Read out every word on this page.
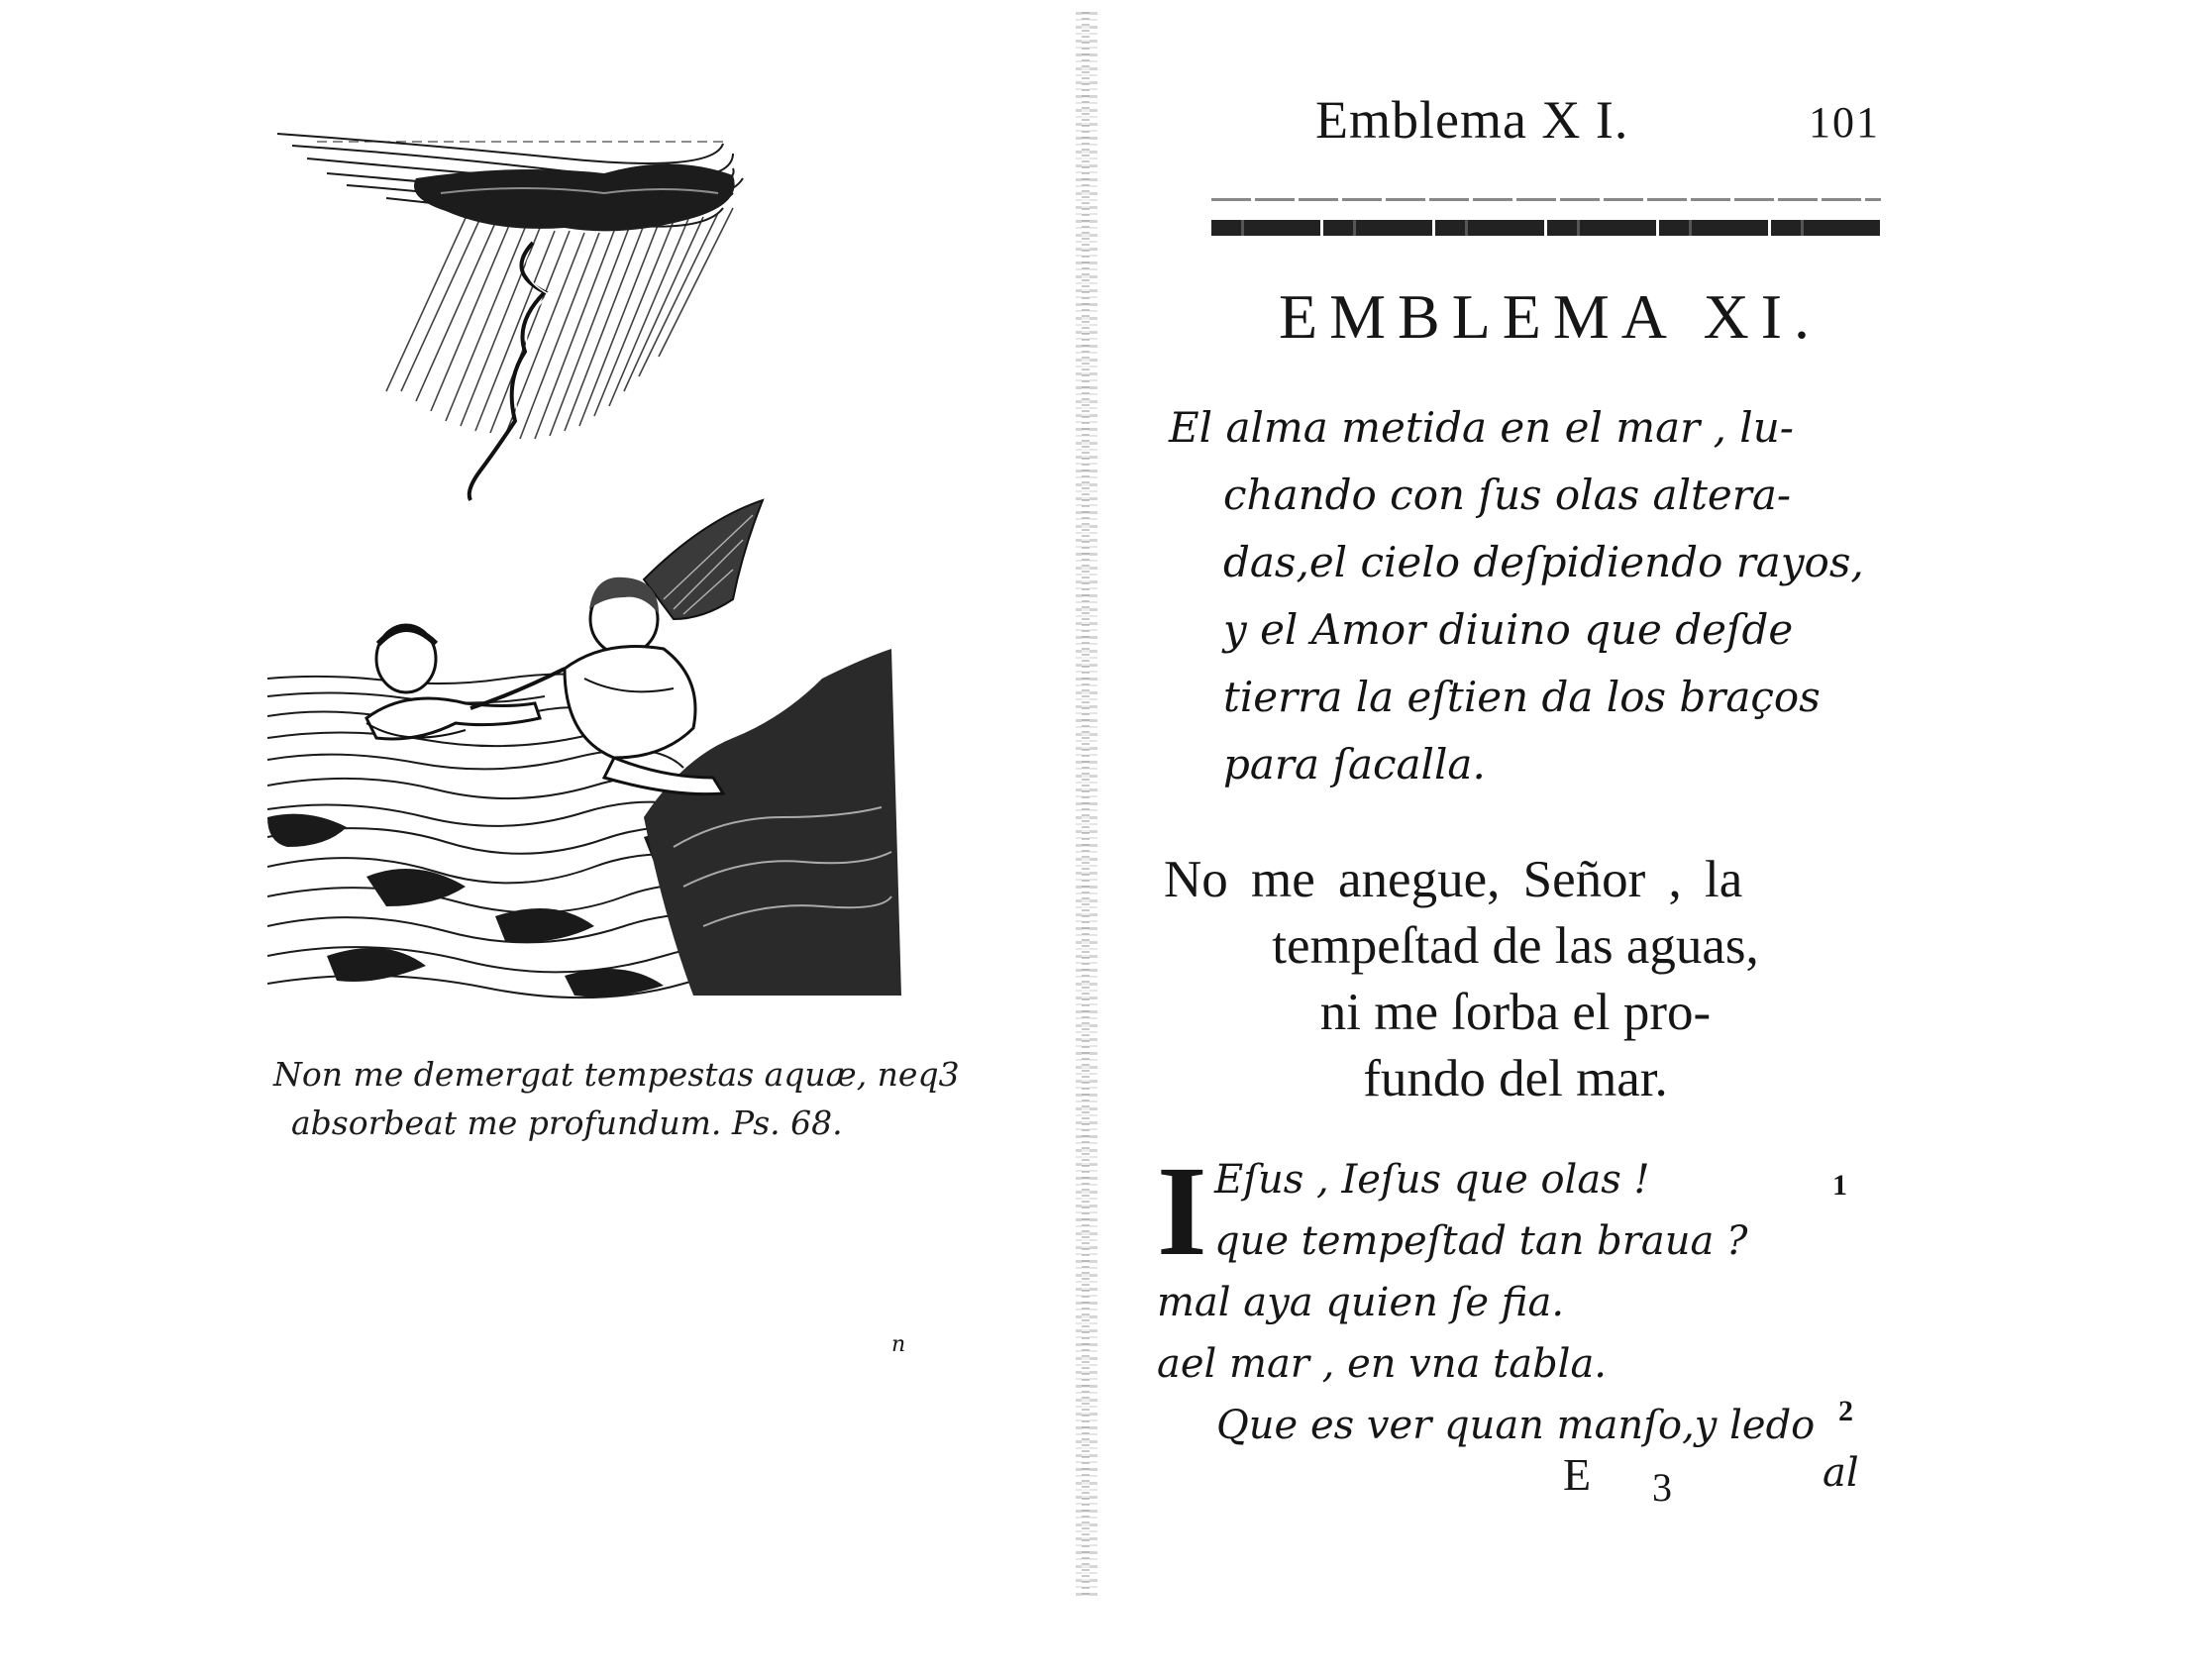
Non me demergat tempestas aquæ, neq3

absorbeat me profundum. Ps. 68.

n
Emblema X I.	101
EMBLEMA XI.

El alma metida en el mar , lu-

chando con ſus olas altera-

das,el cielo deſpidiendo rayos,

y el Amor diuino que deſde

tierra la eſtien da los braços

para ſacalla.

No me anegue, Señor , la

tempeſtad de las aguas,

ni me ſorba el pro-

fundo del mar.

I Eſus , Ieſus que olas !

que tempeſtad tan braua ?

mal aya quien ſe fia.

ael mar , en vna tabla.

Que es ver quan manſo,y ledo

1
2
E 3	al
